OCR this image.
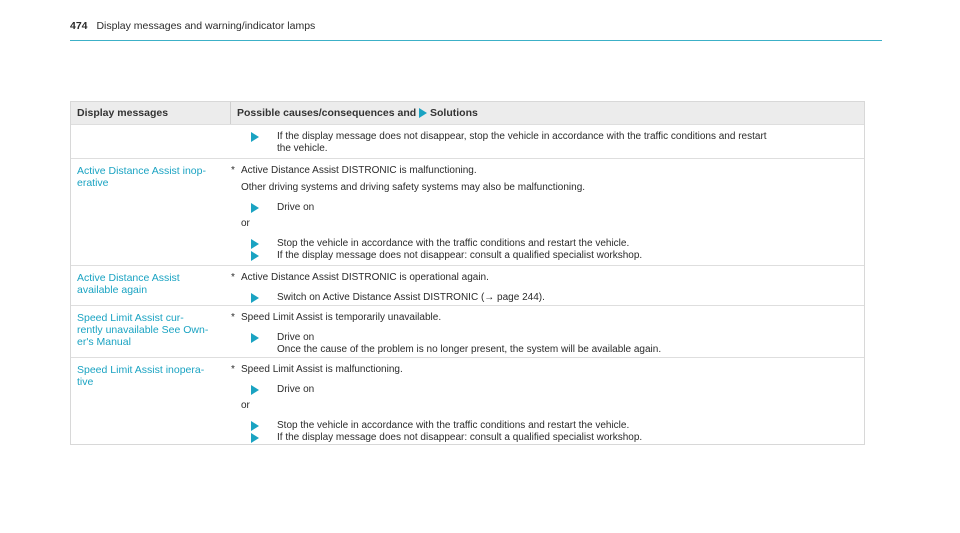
474 Display messages and warning/indicator lamps
Display messages	Possible causes/consequences and Solutions
If the display message does not disappear, stop the vehicle in accordance with the traffic conditions and restart
the vehicle.
Active Distance Assist inop-
erative
* Active Distance Assist DISTRONIC is malfunctioning.
Other driving systems and driving safety systems may also be malfunctioning.
Drive on
or
Stop the vehicle in accordance with the traffic conditions and restart the vehicle.
If the display message does not disappear: consult a qualified specialist workshop.
Active Distance Assist
available again
* Active Distance Assist DISTRONIC is operational again.
Switch on Active Distance Assist DISTRONIC (→ page 244).
Speed Limit Assist cur-
rently unavailable See Own-
er's Manual
* Speed Limit Assist is temporarily unavailable.
Drive on
Once the cause of the problem is no longer present, the system will be available again.
Speed Limit Assist inopera-
tive
* Speed Limit Assist is malfunctioning.
Drive on
or
Stop the vehicle in accordance with the traffic conditions and restart the vehicle.
If the display message does not disappear: consult a qualified specialist workshop.
